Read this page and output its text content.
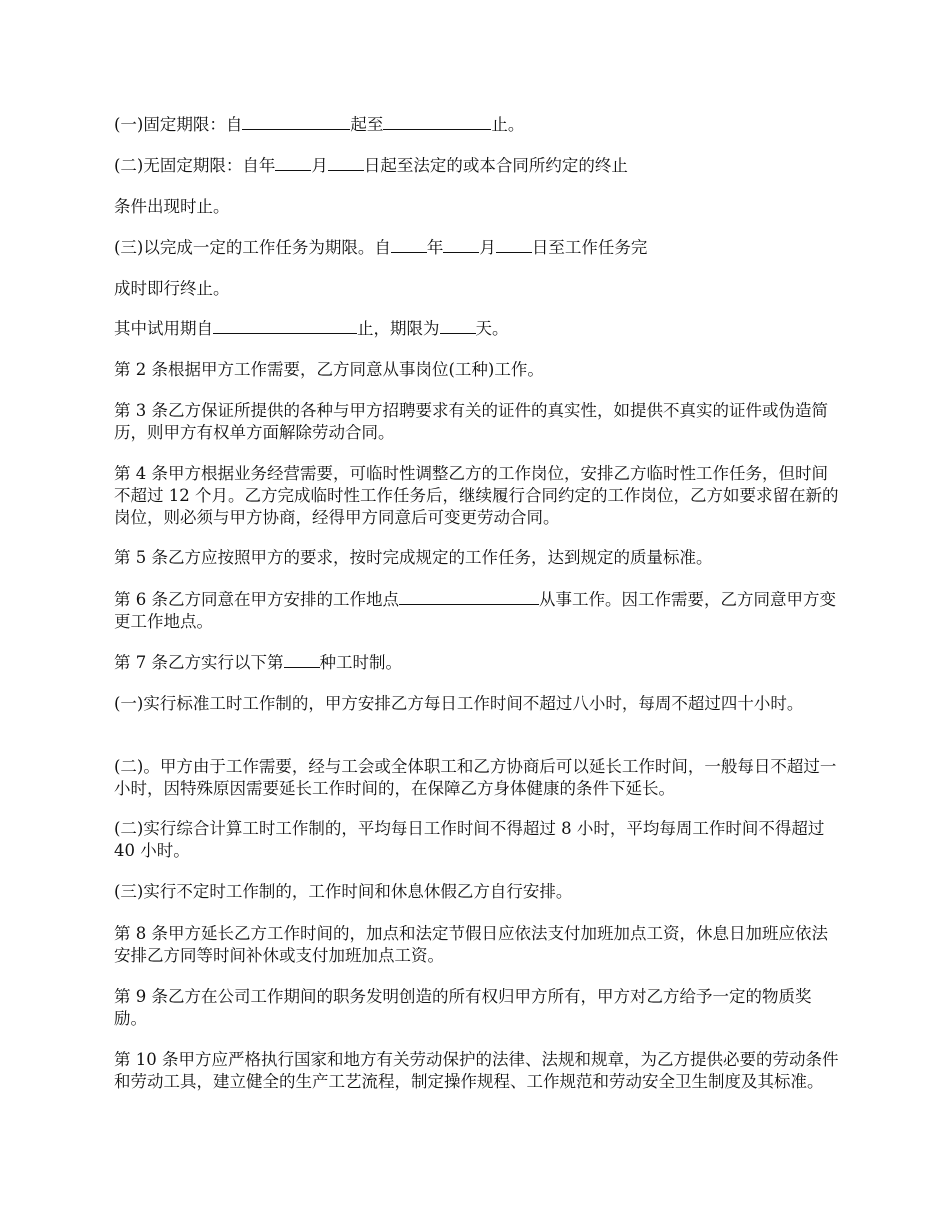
(一)固定期限：自	起至	止。

(二)无固定期限：自年 月 日起至法定的或本合同所约定的终止

条件出现时止。

(三)以完成一定的工作任务为期限。自 年 月 日至工作任务完

成时即行终止。

其中试用期自	止，期限为 天。

第 2 条根据甲方工作需要，乙方同意从事岗位(工种)工作。

第 3 条乙方保证所提供的各种与甲方招聘要求有关的证件的真实性，如提供不真实的证件或伪造简历，则甲方有权单方面解除劳动合同。

第 4 条甲方根据业务经营需要，可临时性调整乙方的工作岗位，安排乙方临时性工作任务，但时间不超过 12 个月。乙方完成临时性工作任务后，继续履行合同约定的工作岗位，乙方如要求留在新的岗位，则必须与甲方协商，经得甲方同意后可变更劳动合同。

第 5 条乙方应按照甲方的要求，按时完成规定的工作任务，达到规定的质量标准。

第 6 条乙方同意在甲方安排的工作地点	从事工作。因工作需要，乙方同意甲方变更工作地点。

第 7 条乙方实行以下第 种工时制。

(一)实行标准工时工作制的，甲方安排乙方每日工作时间不超过八小时，每周不超过四十小时。

(二)。甲方由于工作需要，经与工会或全体职工和乙方协商后可以延长工作时间，一般每日不超过一小时，因特殊原因需要延长工作时间的，在保障乙方身体健康的条件下延长。

(二)实行综合计算工时工作制的，平均每日工作时间不得超过 8 小时，平均每周工作时间不得超过 40 小时。

(三)实行不定时工作制的，工作时间和休息休假乙方自行安排。

第 8 条甲方延长乙方工作时间的，加点和法定节假日应依法支付加班加点工资，休息日加班应依法安排乙方同等时间补休或支付加班加点工资。

第 9 条乙方在公司工作期间的职务发明创造的所有权归甲方所有，甲方对乙方给予一定的物质奖励。

第 10 条甲方应严格执行国家和地方有关劳动保护的法律、法规和规章，为乙方提供必要的劳动条件和劳动工具，建立健全的生产工艺流程，制定操作规程、工作规范和劳动安全卫生制度及其标准。
